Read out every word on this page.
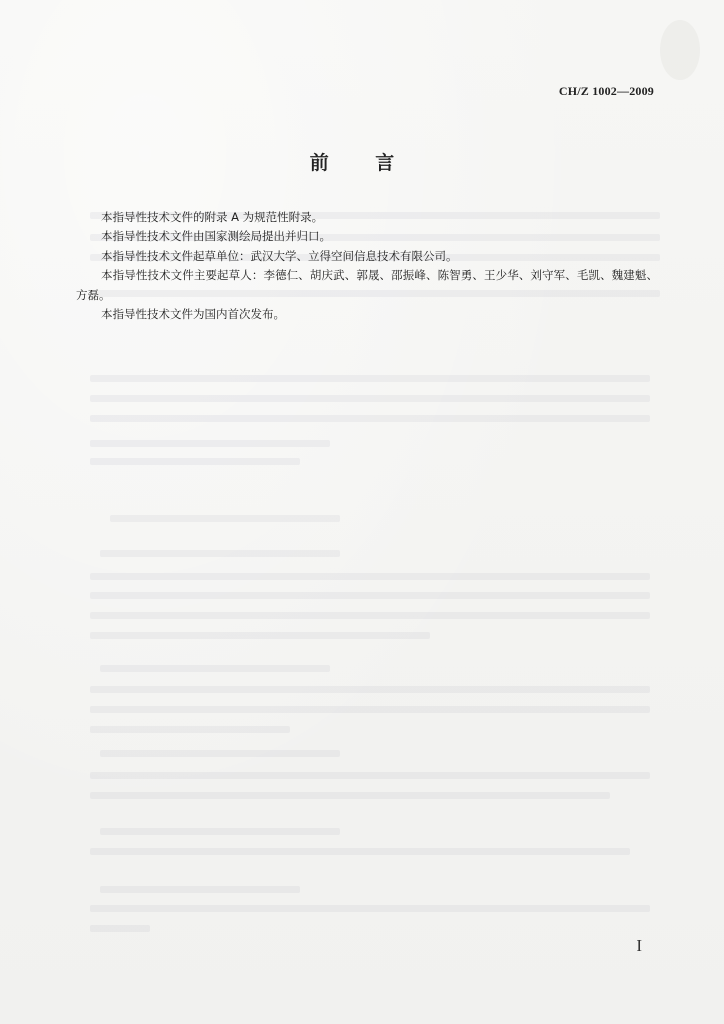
CH/Z 1002—2009
前 言

本指导性技术文件的附录 A 为规范性附录。

本指导性技术文件由国家测绘局提出并归口。

本指导性技术文件起草单位：武汉大学、立得空间信息技术有限公司。

本指导性技术文件主要起草人：李德仁、胡庆武、郭晟、邵振峰、陈智勇、王少华、刘守军、毛凯、魏建魁、方磊。

本指导性技术文件为国内首次发布。

I
